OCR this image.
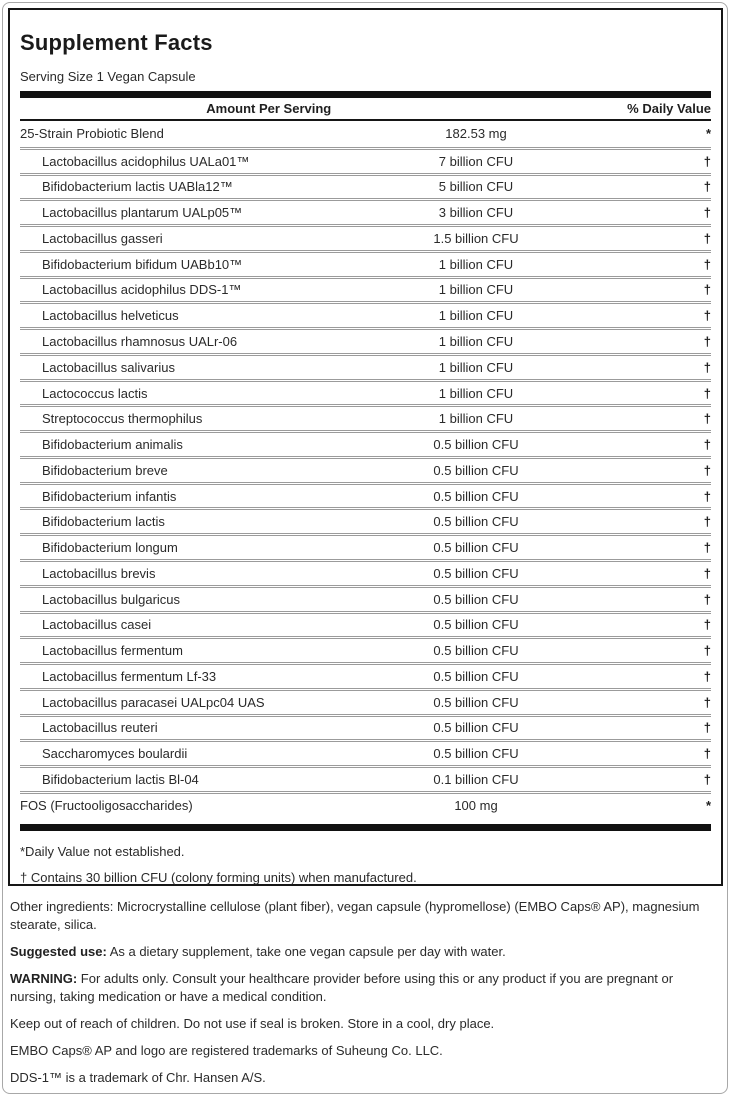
Supplement Facts
Serving Size 1 Vegan Capsule
Amount Per Serving	% Daily Value
25-Strain Probiotic Blend	182.53 mg	*
Lactobacillus acidophilus UALa01™	7 billion CFU	†
Bifidobacterium lactis UABla12™	5 billion CFU	†
Lactobacillus plantarum UALp05™	3 billion CFU	†
Lactobacillus gasseri	1.5 billion CFU	†
Bifidobacterium bifidum UABb10™	1 billion CFU	†
Lactobacillus acidophilus DDS-1™	1 billion CFU	†
Lactobacillus helveticus	1 billion CFU	†
Lactobacillus rhamnosus UALr-06	1 billion CFU	†
Lactobacillus salivarius	1 billion CFU	†
Lactococcus lactis	1 billion CFU	†
Streptococcus thermophilus	1 billion CFU	†
Bifidobacterium animalis	0.5 billion CFU	†
Bifidobacterium breve	0.5 billion CFU	†
Bifidobacterium infantis	0.5 billion CFU	†
Bifidobacterium lactis	0.5 billion CFU	†
Bifidobacterium longum	0.5 billion CFU	†
Lactobacillus brevis	0.5 billion CFU	†
Lactobacillus bulgaricus	0.5 billion CFU	†
Lactobacillus casei	0.5 billion CFU	†
Lactobacillus fermentum	0.5 billion CFU	†
Lactobacillus fermentum Lf-33	0.5 billion CFU	†
Lactobacillus paracasei UALpc04 UAS	0.5 billion CFU	†
Lactobacillus reuteri	0.5 billion CFU	†
Saccharomyces boulardii	0.5 billion CFU	†
Bifidobacterium lactis Bl-04	0.1 billion CFU	†
FOS (Fructooligosaccharides)	100 mg	*
*Daily Value not established.
† Contains 30 billion CFU (colony forming units) when manufactured.

Other ingredients: Microcrystalline cellulose (plant fiber), vegan capsule (hypromellose) (EMBO Caps® AP), magnesium stearate, silica.

Suggested use: As a dietary supplement, take one vegan capsule per day with water.

WARNING: For adults only. Consult your healthcare provider before using this or any product if you are pregnant or nursing, taking medication or have a medical condition.

Keep out of reach of children. Do not use if seal is broken. Store in a cool, dry place.

EMBO Caps® AP and logo are registered trademarks of Suheung Co. LLC.

DDS-1™ is a trademark of Chr. Hansen A/S.
